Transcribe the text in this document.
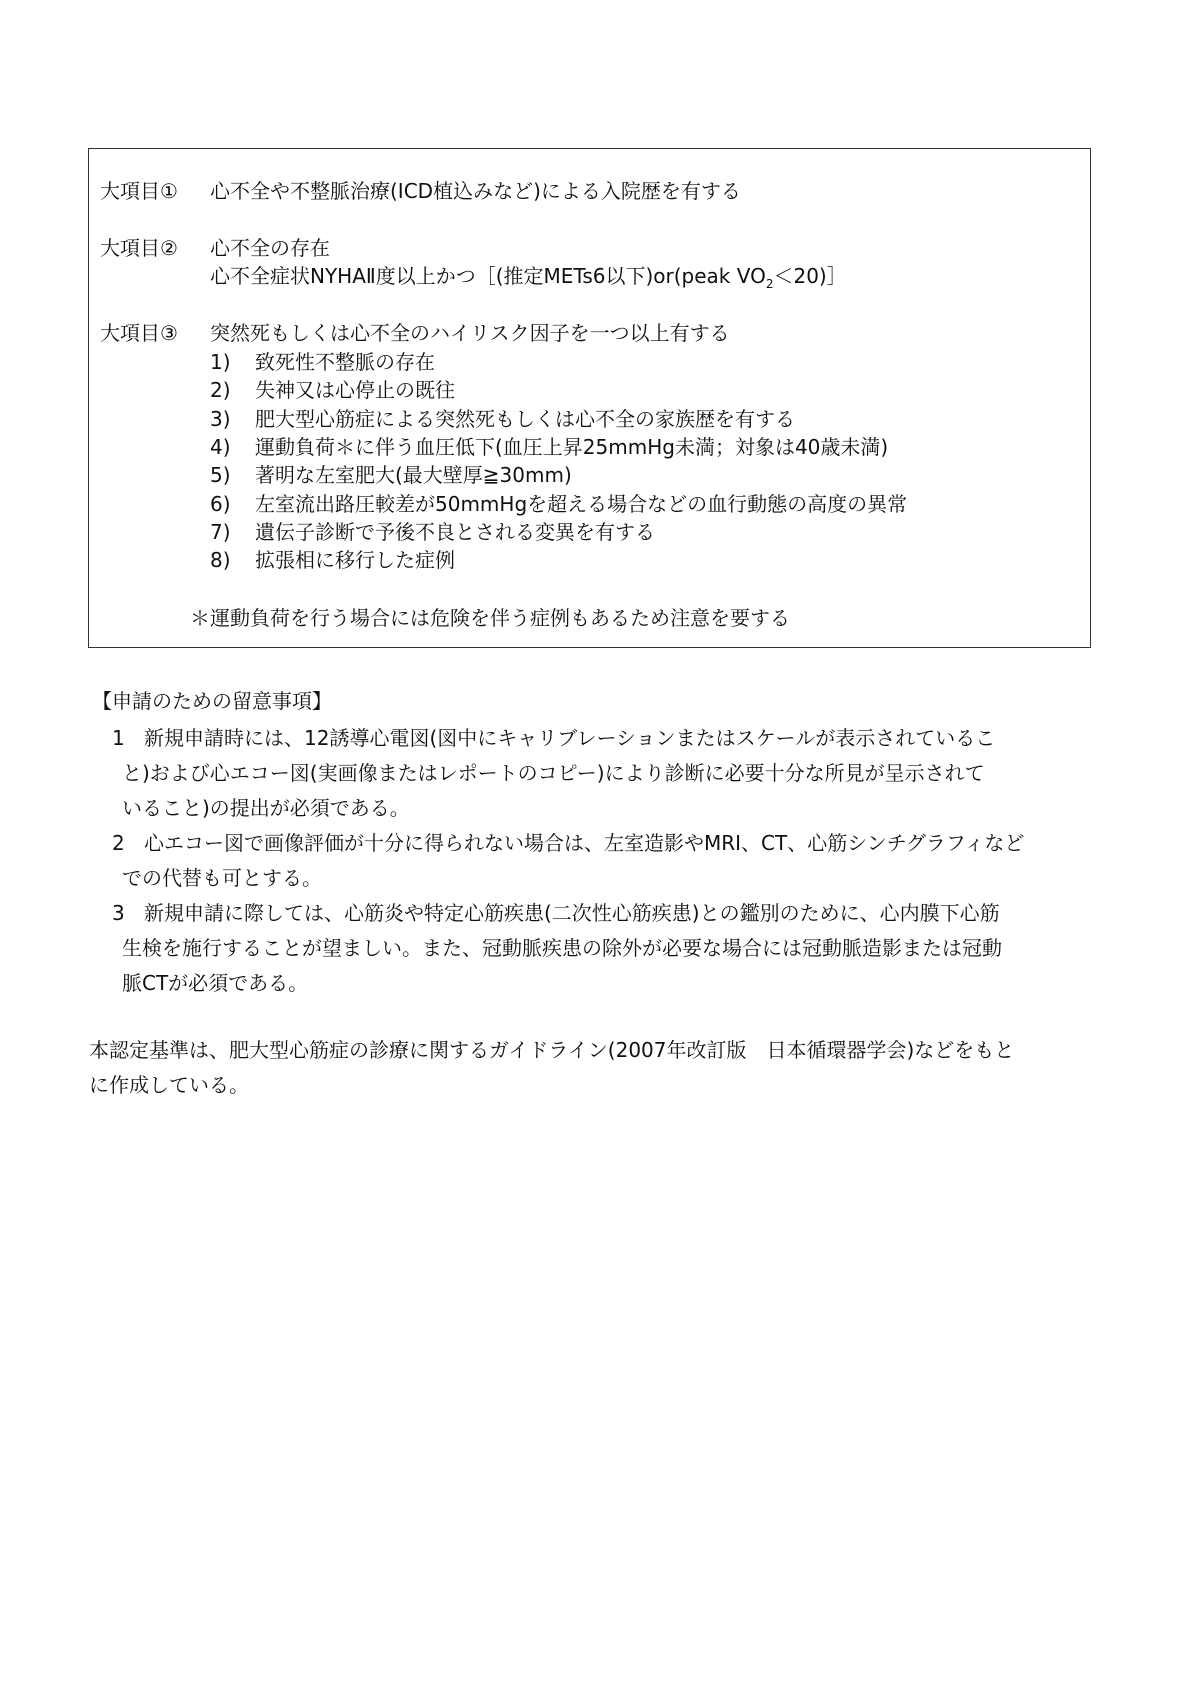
大項目① 心不全や不整脈治療(ICD植込みなど)による入院歴を有する
大項目② 心不全の存在
心不全症状NYHAⅡ度以上かつ［(推定METs6以下)or(peak $VO_2<20)]$
大項目③ 突然死もしくは心不全のハイリスク因子を一つ以上有する
1) 致死性不整脈の存在
2) 失神又は心停止の既往
3) 肥大型心筋症による突然死もしくは心不全の家族歴を有する
4) 運動負荷＊に伴う血圧低下(血圧上昇25mmHg未満；対象は40歳未満)
5) 著明な左室肥大(最大壁厚≧30mm)
6) 左室流出路圧較差が50mmHgを超える場合などの血行動態の高度の異常
7) 遺伝子診断で予後不良とされる変異を有する
8) 拡張相に移行した症例
＊運動負荷を行う場合には危険を伴う症例もあるため注意を要する
【申請のための留意事項】
1 新規申請時には、12誘導心電図(図中にキャリブレーションまたはスケールが表示されているこ
と)および心エコー図(実画像またはレポートのコピー)により診断に必要十分な所見が呈示されて
いること)の提出が必須である。
2 心エコー図で画像評価が十分に得られない場合は、左室造影やMRI、CT、心筋シンチグラフィなど
での代替も可とする。
3 新規申請に際しては、心筋炎や特定心筋疾患(二次性心筋疾患)との鑑別のために、心内膜下心筋
生検を施行することが望ましい。また、冠動脈疾患の除外が必要な場合には冠動脈造影または冠動
脈CTが必須である。
本認定基準は、肥大型心筋症の診療に関するガイドライン(2007年改訂版　日本循環器学会)などをもと
に作成している。
